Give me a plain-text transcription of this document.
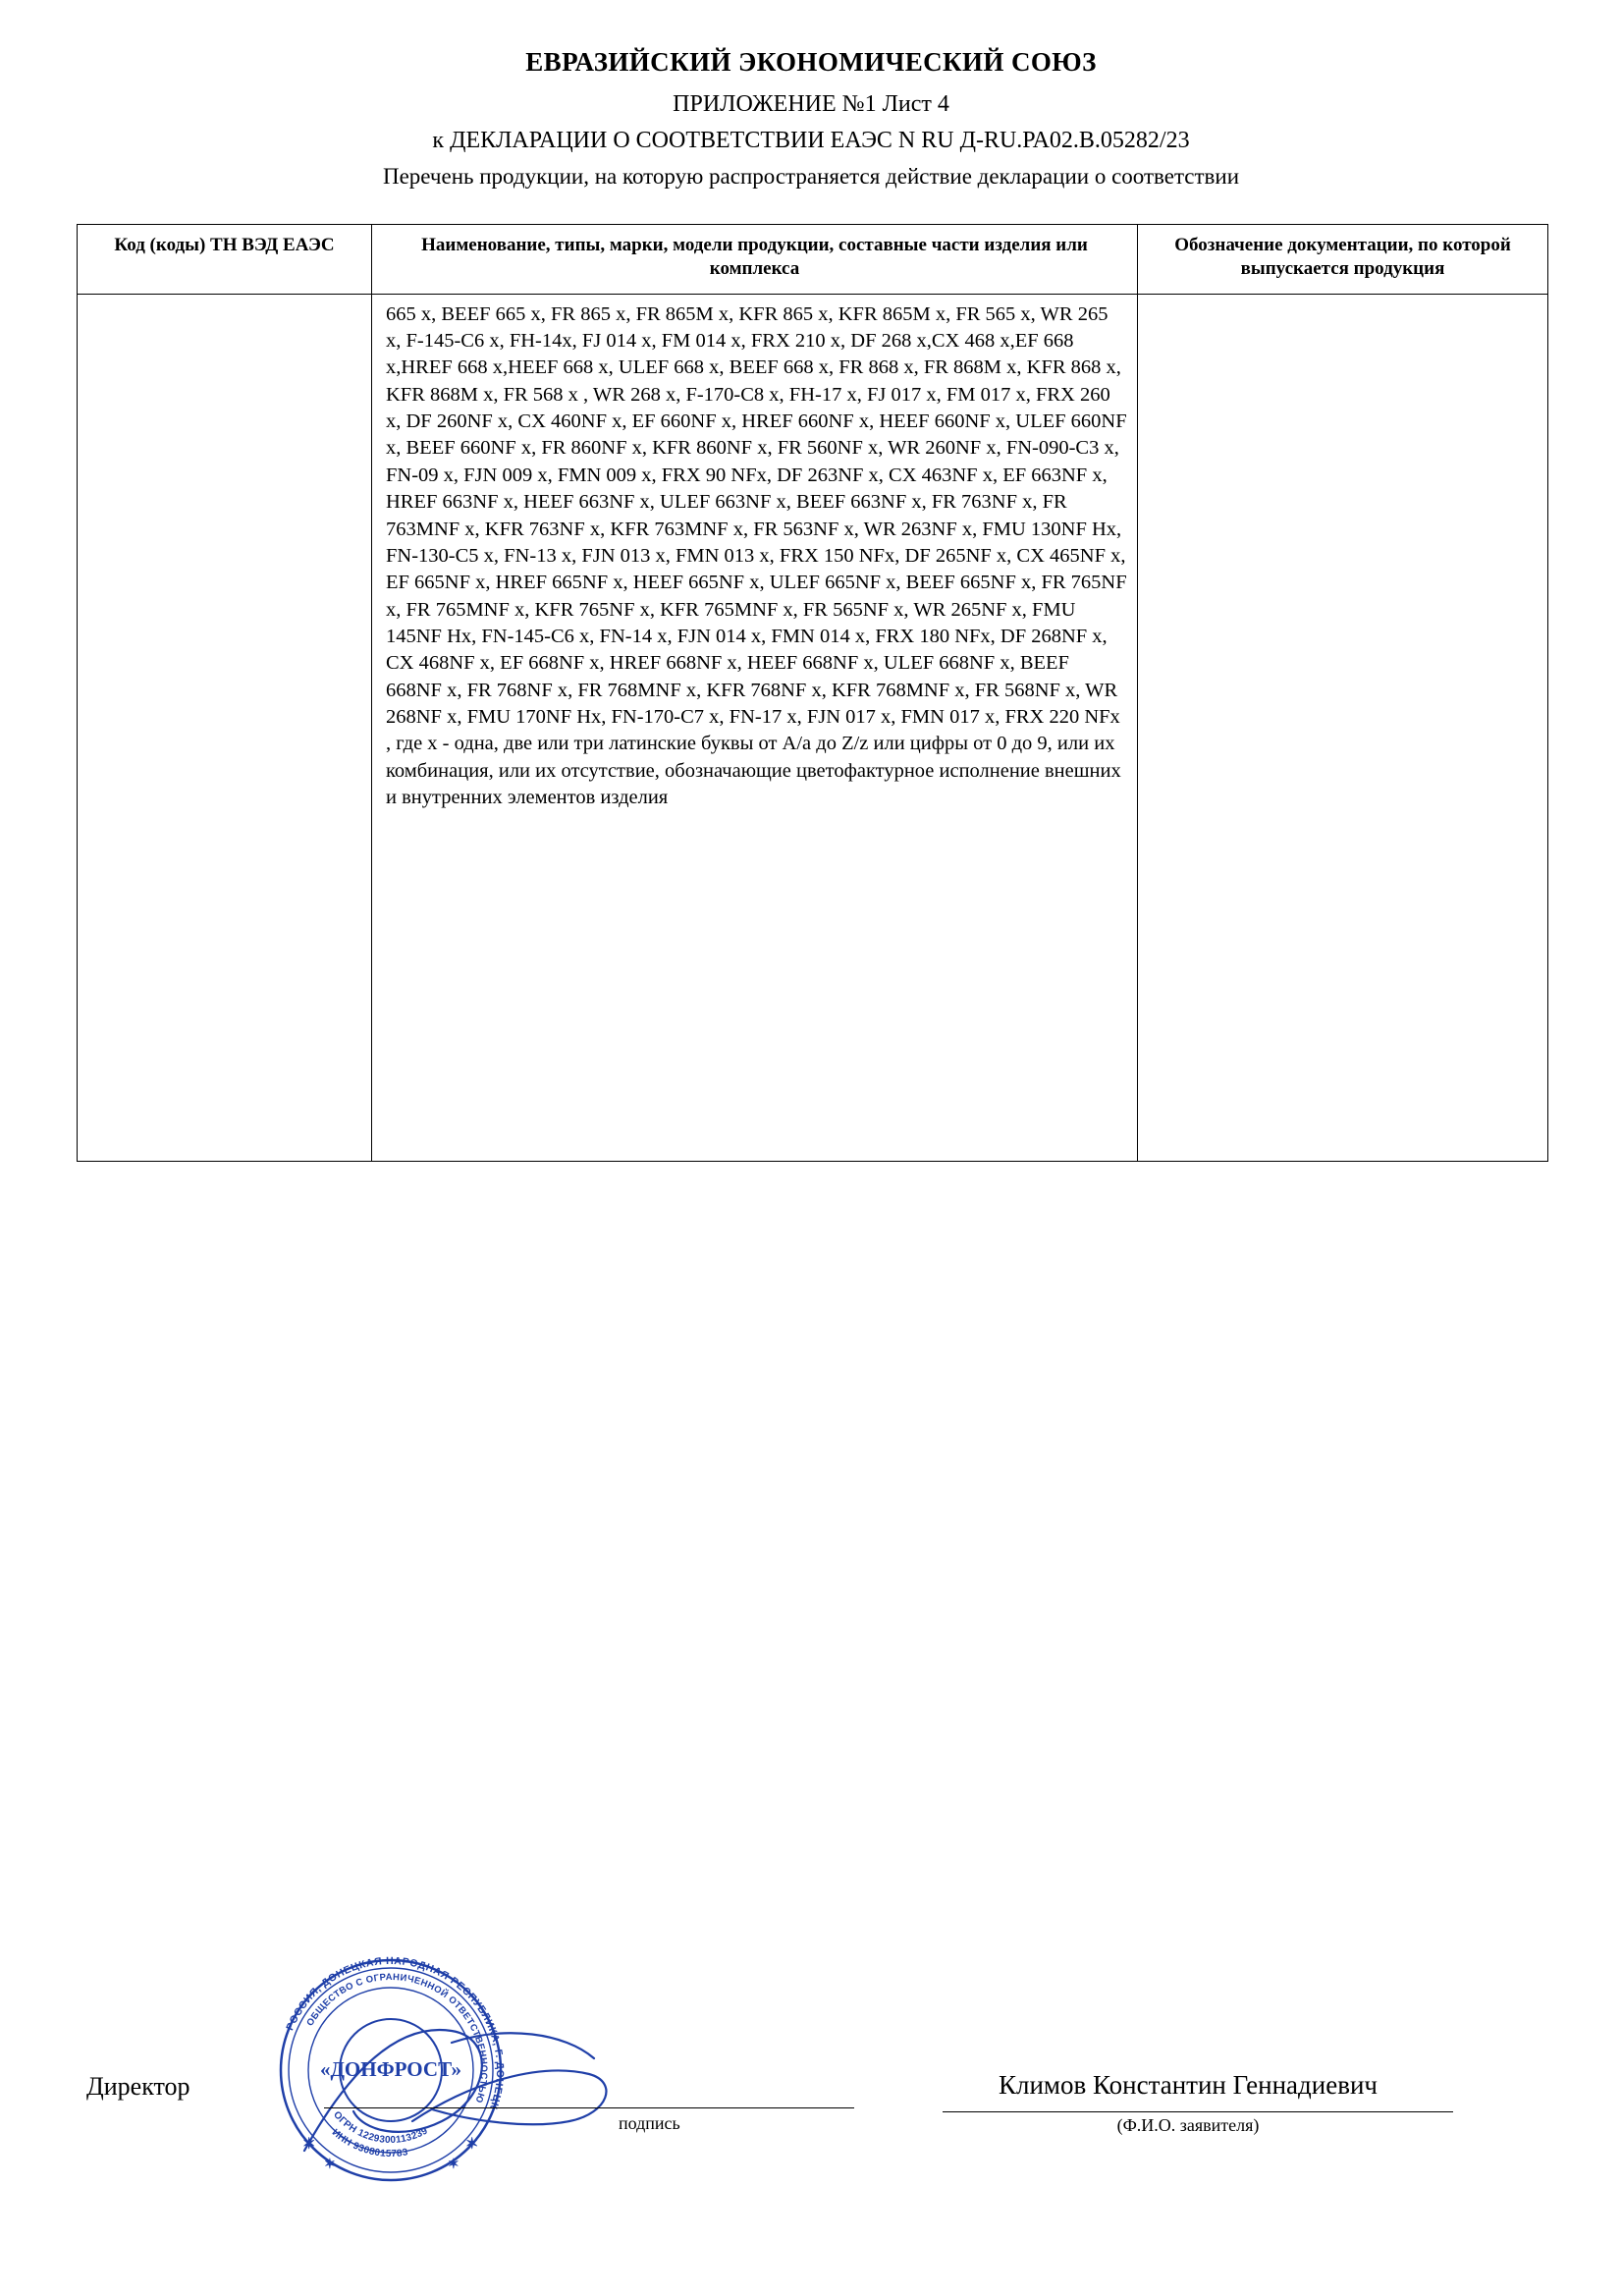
ЕВРАЗИЙСКИЙ ЭКОНОМИЧЕСКИЙ СОЮЗ
ПРИЛОЖЕНИЕ №1 Лист 4
к ДЕКЛАРАЦИИ О СООТВЕТСТВИИ ЕАЭС N RU Д-RU.РА02.В.05282/23
Перечень продукции, на которую распространяется действие декларации о соответствии
Код (коды) ТН ВЭД ЕАЭС	Наименование, типы, марки, модели продукции, составные части изделия или комплекса	Обозначение документации, по которой выпускается продукция
	665 x, BEEF 665 x, FR 865 x, FR 865M x, KFR 865 x, KFR 865M x, FR 565 x, WR 265 x, F-145-C6 x, FH-14x, FJ 014 x, FM 014 x, FRX 210 x, DF 268 x,CX 468 x,EF 668 x,HREF 668 x,HEEF 668 x, ULEF 668 x, BEEF 668 x, FR 868 x, FR 868M x, KFR 868 x, KFR 868M x, FR 568 x , WR 268 x, F-170-C8 x, FH-17 x, FJ 017 x, FM 017 x, FRX 260 x, DF 260NF x, CX 460NF x, EF 660NF x, HREF 660NF x, HEEF 660NF x, ULEF 660NF x, BEEF 660NF x, FR 860NF x, KFR 860NF x, FR 560NF x, WR 260NF x, FN-090-C3 x, FN-09 x, FJN 009 x, FMN 009 x, FRX 90 NFx, DF 263NF x, CX 463NF x, EF 663NF x, HREF 663NF x, HEEF 663NF x, ULEF 663NF x, BEEF 663NF x, FR 763NF x, FR 763MNF x, KFR 763NF x, KFR 763MNF x, FR 563NF x, WR 263NF x, FMU 130NF Hx, FN-130-C5 x, FN-13 x, FJN 013 x, FMN 013 x, FRX 150 NFx, DF 265NF x, CX 465NF x, EF 665NF x, HREF 665NF x, HEEF 665NF x, ULEF 665NF x, BEEF 665NF x, FR 765NF x, FR 765MNF x, KFR 765NF x, KFR 765MNF x, FR 565NF x, WR 265NF x, FMU 145NF Hx, FN-145-C6 x, FN-14 x, FJN 014 x, FMN 014 x, FRX 180 NFx, DF 268NF x, CX 468NF x, EF 668NF x, HREF 668NF x, HEEF 668NF x, ULEF 668NF x, BEEF 668NF x, FR 768NF x, FR 768MNF x, KFR 768NF x, KFR 768MNF x, FR 568NF x, WR 268NF x, FMU 170NF Hx, FN-170-C7 x, FN-17 x, FJN 017 x, FMN 017 x, FRX 220 NFx , где x - одна, две или три латинские буквы от A/a до Z/z или цифры от 0 до 9, или их комбинация, или их отсутствие, обозначающие цветофактурное исполнение внешних и внутренних элементов изделия	
РОССИЯ, ДОНЕЦКАЯ НАРОДНАЯ РЕСПУБЛИКА, Г. ДОНЕЦК
ОБЩЕСТВО С ОГРАНИЧЕННОЙ ОТВЕТСТВЕННОСТЬЮ
ИНН 9308015783
ОГРН 1229300113239
«ДОНФРОСТ»
✶	✶
✶	✶
Директор
подпись
Климов Константин Геннадиевич
(Ф.И.О. заявителя)
